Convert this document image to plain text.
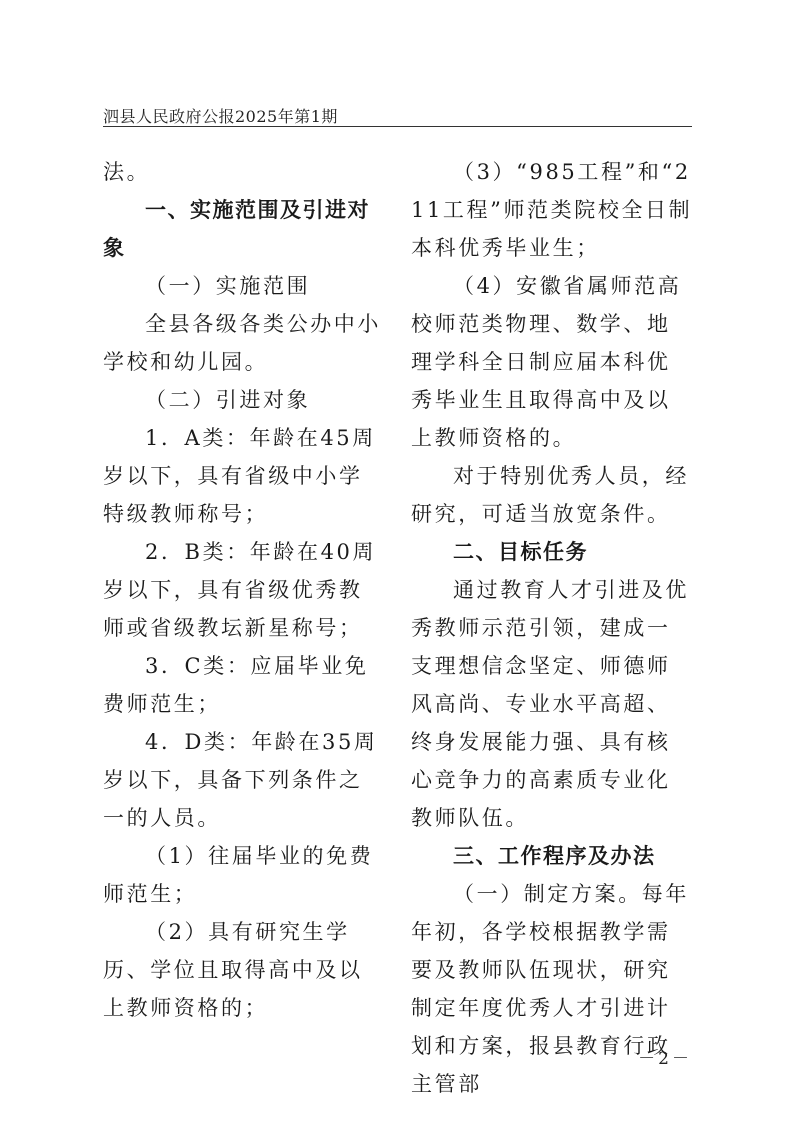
泗县人民政府公报2025年第1期

法。

一、实施范围及引进对象

（一）实施范围

全县各级各类公办中小学校和幼儿园。

（二）引进对象

1．A类：年龄在45周岁以下，具有省级中小学特级教师称号；

2．B类：年龄在40周岁以下，具有省级优秀教师或省级教坛新星称号；

3．C类：应届毕业免费师范生；

4．D类：年龄在35周岁以下，具备下列条件之一的人员。

（1）往届毕业的免费师范生；

（2）具有研究生学历、学位且取得高中及以上教师资格的；

（3）“985工程”和“211工程”师范类院校全日制本科优秀毕业生；

（4）安徽省属师范高校师范类物理、数学、地理学科全日制应届本科优秀毕业生且取得高中及以上教师资格的。

对于特别优秀人员，经研究，可适当放宽条件。

二、目标任务

通过教育人才引进及优秀教师示范引领，建成一支理想信念坚定、师德师风高尚、专业水平高超、终身发展能力强、具有核心竞争力的高素质专业化教师队伍。

三、工作程序及办法

（一）制定方案。每年年初，各学校根据教学需要及教师队伍现状，研究制定年度优秀人才引进计划和方案，报县教育行政主管部

－2－
